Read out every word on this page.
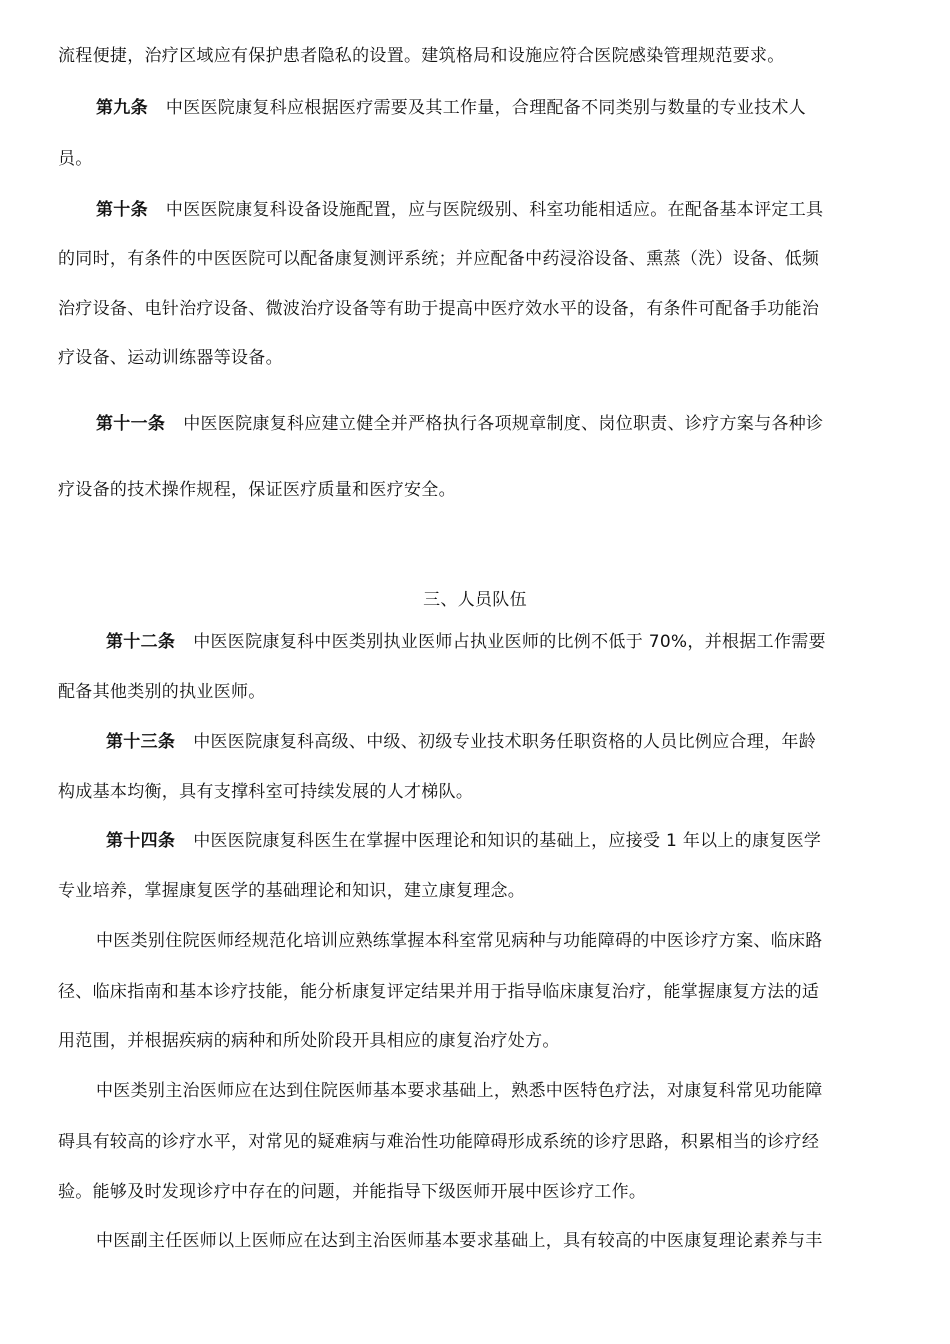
流程便捷，治疗区域应有保护患者隐私的设置。建筑格局和设施应符合医院感染管理规范要求。
第九条 中医医院康复科应根据医疗需要及其工作量，合理配备不同类别与数量的专业技术人
员。
第十条 中医医院康复科设备设施配置，应与医院级别、科室功能相适应。在配备基本评定工具
的同时，有条件的中医医院可以配备康复测评系统；并应配备中药浸浴设备、熏蒸（洗）设备、低频
治疗设备、电针治疗设备、微波治疗设备等有助于提高中医疗效水平的设备，有条件可配备手功能治
疗设备、运动训练器等设备。
第十一条 中医医院康复科应建立健全并严格执行各项规章制度、岗位职责、诊疗方案与各种诊
疗设备的技术操作规程，保证医疗质量和医疗安全。
三、人员队伍
第十二条 中医医院康复科中医类别执业医师占执业医师的比例不低于 70%，并根据工作需要
配备其他类别的执业医师。
第十三条 中医医院康复科高级、中级、初级专业技术职务任职资格的人员比例应合理，年龄
构成基本均衡，具有支撑科室可持续发展的人才梯队。
第十四条 中医医院康复科医生在掌握中医理论和知识的基础上，应接受 1 年以上的康复医学
专业培养，掌握康复医学的基础理论和知识，建立康复理念。
中医类别住院医师经规范化培训应熟练掌握本科室常见病种与功能障碍的中医诊疗方案、临床路
径、临床指南和基本诊疗技能，能分析康复评定结果并用于指导临床康复治疗，能掌握康复方法的适
用范围，并根据疾病的病种和所处阶段开具相应的康复治疗处方。
中医类别主治医师应在达到住院医师基本要求基础上，熟悉中医特色疗法，对康复科常见功能障
碍具有较高的诊疗水平，对常见的疑难病与难治性功能障碍形成系统的诊疗思路，积累相当的诊疗经
验。能够及时发现诊疗中存在的问题，并能指导下级医师开展中医诊疗工作。
中医副主任医师以上医师应在达到主治医师基本要求基础上，具有较高的中医康复理论素养与丰
